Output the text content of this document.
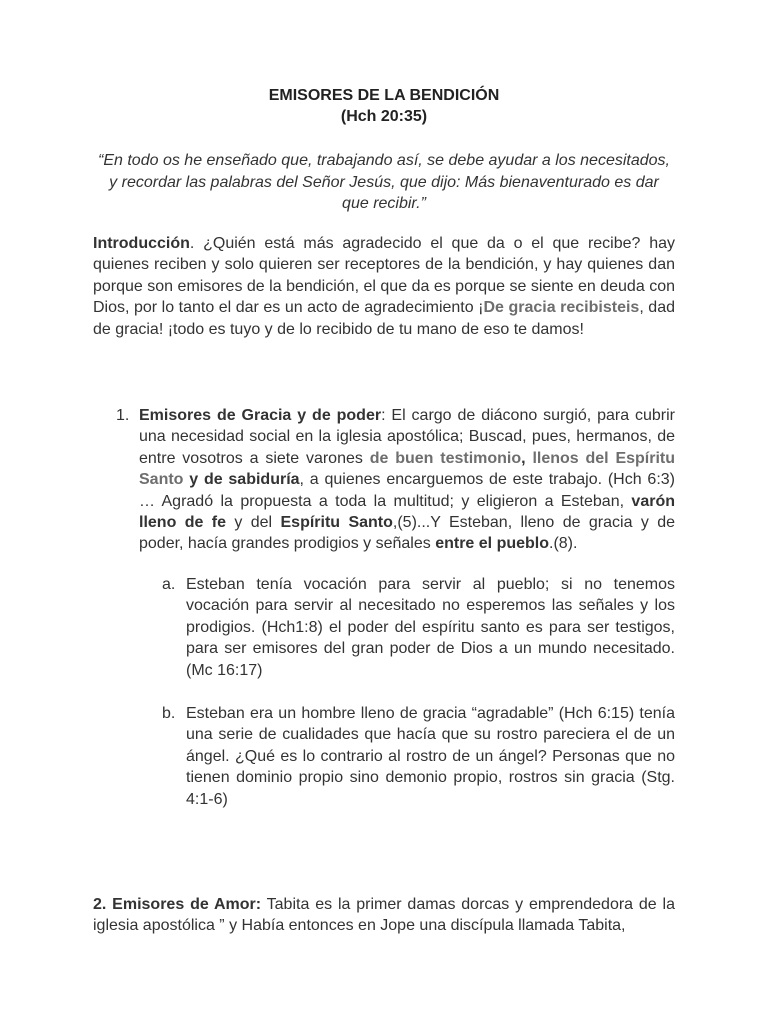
EMISORES DE LA BENDICIÓN
(Hch 20:35)
“En todo os he enseñado que, trabajando así, se debe ayudar a los necesitados, y recordar las palabras del Señor Jesús, que dijo: Más bienaventurado es dar que recibir.”
Introducción. ¿Quién está más agradecido el que da o el que recibe? hay quienes reciben y solo quieren ser receptores de la bendición, y hay quienes dan porque son emisores de la bendición, el que da es porque se siente en deuda con Dios, por lo tanto el dar es un acto de agradecimiento ¡De gracia recibisteis, dad de gracia! ¡todo es tuyo y de lo recibido de tu mano de eso te damos!
1. Emisores de Gracia y de poder: El cargo de diácono surgió, para cubrir una necesidad social en la iglesia apostólica; Buscad, pues, hermanos, de entre vosotros a siete varones de buen testimonio, llenos del Espíritu Santo y de sabiduría, a quienes encarguemos de este trabajo. (Hch 6:3) … Agradó la propuesta a toda la multitud; y eligieron a Esteban, varón lleno de fe y del Espíritu Santo,(5)...Y Esteban, lleno de gracia y de poder, hacía grandes prodigios y señales entre el pueblo.(8).
a. Esteban tenía vocación para servir al pueblo; si no tenemos vocación para servir al necesitado no esperemos las señales y los prodigios. (Hch1:8) el poder del espíritu santo es para ser testigos, para ser emisores del gran poder de Dios a un mundo necesitado. (Mc 16:17)
b. Esteban era un hombre lleno de gracia “agradable” (Hch 6:15) tenía una serie de cualidades que hacía que su rostro pareciera el de un ángel. ¿Qué es lo contrario al rostro de un ángel? Personas que no tienen dominio propio sino demonio propio, rostros sin gracia (Stg. 4:1-6)
2. Emisores de Amor: Tabita es la primer damas dorcas y emprendedora de la iglesia apostólica ” y Había entonces en Jope una discípula llamada Tabita,
